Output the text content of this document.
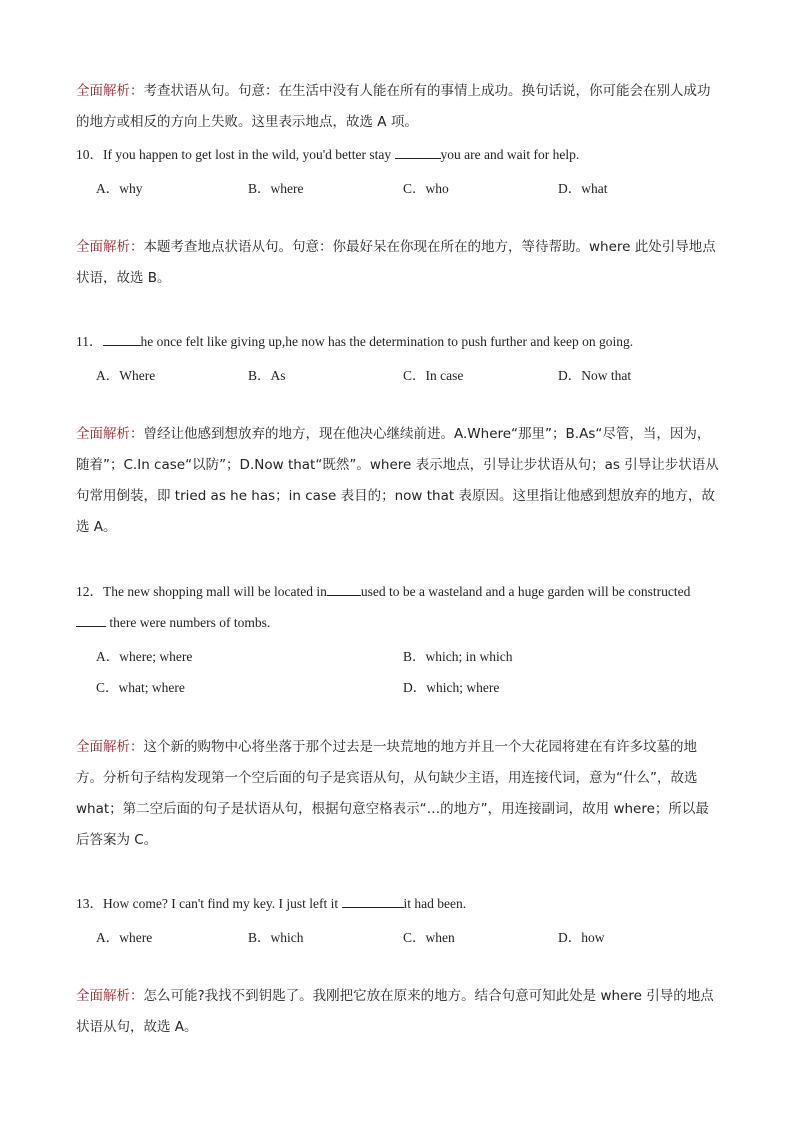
全面解析：考查状语从句。句意：在生活中没有人能在所有的事情上成功。换句话说，你可能会在别人成功的地方或相反的方向上失败。这里表示地点，故选 A 项。
10．If you happen to get lost in the wild, you'd better stay	you are and wait for help.
A．why	B．where	C．who	D．what
全面解析：本题考查地点状语从句。句意：你最好呆在你现在所在的地方，等待帮助。where 此处引导地点状语，故选 B。
11．	he once felt like giving up,he now has the determination to push further and keep on going.
A．Where	B．As	C．In case	D．Now that
全面解析：曾经让他感到想放弃的地方，现在他决心继续前进。A.Where“那里”；B.As“尽管，当，因为，随着”；C.In case“以防”；D.Now that“既然”。where 表示地点，引导让步状语从句；as 引导让步状语从句常用倒装，即 tried as he has；in case 表目的；now that 表原因。这里指让他感到想放弃的地方，故选 A。
12．The new shopping mall will be located in	used to be a wasteland and a huge garden will be constructed  there were numbers of tombs.
A．where; where	B．which; in which
C．what; where	D．which; where
全面解析：这个新的购物中心将坐落于那个过去是一块荒地的地方并且一个大花园将建在有许多坟墓的地方。分析句子结构发现第一个空后面的句子是宾语从句，从句缺少主语，用连接代词，意为“什么”，故选 what；第二空后面的句子是状语从句，根据句意空格表示“…的地方”，用连接副词，故用 where；所以最后答案为 C。
13．How come? I can't find my key. I just left it	it had been.
A．where	B．which	C．when	D．how
全面解析：怎么可能?我找不到钥匙了。我刚把它放在原来的地方。结合句意可知此处是 where 引导的地点状语从句，故选 A。
